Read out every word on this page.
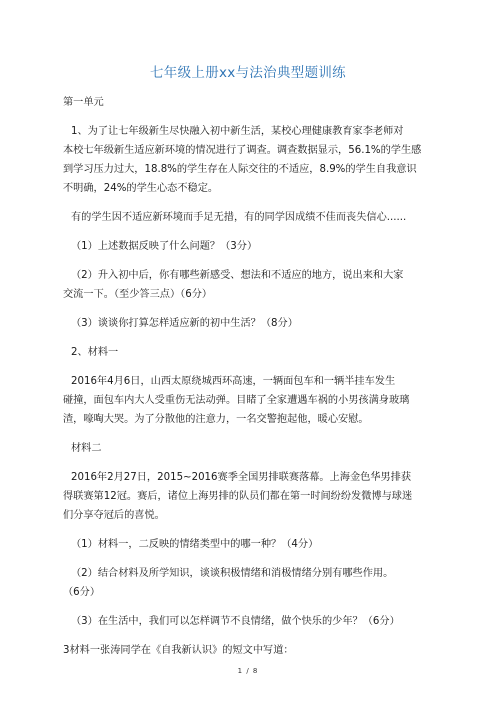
七年级上册xx与法治典型题训练
第一单元
1、为了让七年级新生尽快融入初中新生活，某校心理健康教育家李老师对
本校七年级新生适应新环境的情况进行了调查。调查数据显示，56.1%的学生感
到学习压力过大，18.8%的学生存在人际交往的不适应，8.9%的学生自我意识
不明确，24%的学生心态不稳定。
有的学生因不适应新环境而手足无措，有的同学因成绩不佳而丧失信心......
（1）上述数据反映了什么问题？（3分）
（2）升入初中后，你有哪些新感受、想法和不适应的地方，说出来和大家
交流一下。（至少答三点）（6分）
（3）谈谈你打算怎样适应新的初中生活？（8分）
2、材料一
2016年4月6日，山西太原绕城西环高速，一辆面包车和一辆半挂车发生
碰撞，面包车内大人受重伤无法动弹。目睹了全家遭遇车祸的小男孩满身玻璃
渣，嚎啕大哭。为了分散他的注意力，一名交警抱起他，暖心安慰。
材料二
2016年2月27日，2015~2016赛季全国男排联赛落幕。上海金色华男排获
得联赛第12冠。赛后，诸位上海男排的队员们都在第一时间纷纷发微博与球迷
们分享夺冠后的喜悦。
（1）材料一，二反映的情绪类型中的哪一种？（4分）
（2）结合材料及所学知识，谈谈积极情绪和消极情绪分别有哪些作用。
（6分）
（3）在生活中，我们可以怎样调节不良情绪，做个快乐的少年？（6分）
3材料一张涛同学在《自我新认识》的短文中写道：
1 / 8
